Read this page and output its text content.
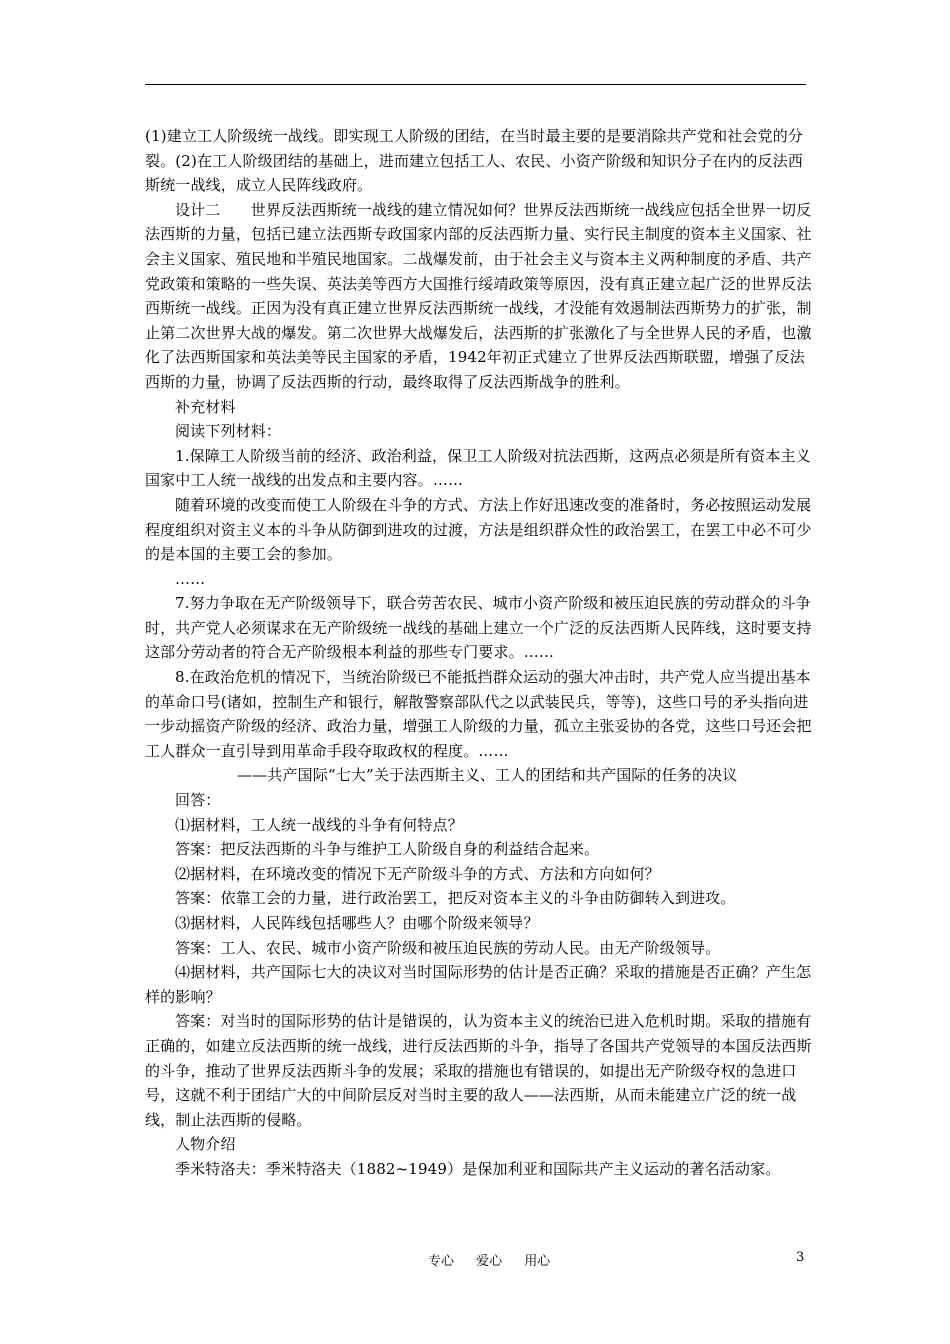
(1)建立工人阶级统一战线。即实现工人阶级的团结，在当时最主要的是要消除共产党和社会党的分裂。(2)在工人阶级团结的基础上，进而建立包括工人、农民、小资产阶级和知识分子在内的反法西斯统一战线，成立人民阵线政府。

设计二　　世界反法西斯统一战线的建立情况如何？世界反法西斯统一战线应包括全世界一切反法西斯的力量，包括已建立法西斯专政国家内部的反法西斯力量、实行民主制度的资本主义国家、社会主义国家、殖民地和半殖民地国家。二战爆发前，由于社会主义与资本主义两种制度的矛盾、共产党政策和策略的一些失误、英法美等西方大国推行绥靖政策等原因，没有真正建立起广泛的世界反法西斯统一战线。正因为没有真正建立世界反法西斯统一战线，才没能有效遏制法西斯势力的扩张，制止第二次世界大战的爆发。第二次世界大战爆发后，法西斯的扩张激化了与全世界人民的矛盾，也激化了法西斯国家和英法美等民主国家的矛盾，1942年初正式建立了世界反法西斯联盟，增强了反法西斯的力量，协调了反法西斯的行动，最终取得了反法西斯战争的胜利。

补充材料

阅读下列材料：

1.保障工人阶级当前的经济、政治利益，保卫工人阶级对抗法西斯，这两点必须是所有资本主义国家中工人统一战线的出发点和主要内容。……

随着环境的改变而使工人阶级在斗争的方式、方法上作好迅速改变的准备时，务必按照运动发展程度组织对资主义本的斗争从防御到进攻的过渡，方法是组织群众性的政治罢工，在罢工中必不可少的是本国的主要工会的参加。

……

7.努力争取在无产阶级领导下，联合劳苦农民、城市小资产阶级和被压迫民族的劳动群众的斗争时，共产党人必须谋求在无产阶级统一战线的基础上建立一个广泛的反法西斯人民阵线，这时要支持这部分劳动者的符合无产阶级根本利益的那些专门要求。……

8.在政治危机的情况下，当统治阶级已不能抵挡群众运动的强大冲击时，共产党人应当提出基本的革命口号(诸如，控制生产和银行，解散警察部队代之以武装民兵，等等)，这些口号的矛头指向进一步动摇资产阶级的经济、政治力量，增强工人阶级的力量，孤立主张妥协的各党，这些口号还会把工人群众一直引导到用革命手段夺取政权的程度。……

——共产国际“七大”关于法西斯主义、工人的团结和共产国际的任务的决议

回答：

⑴据材料，工人统一战线的斗争有何特点？

答案：把反法西斯的斗争与维护工人阶级自身的利益结合起来。

⑵据材料，在环境改变的情况下无产阶级斗争的方式、方法和方向如何？

答案：依靠工会的力量，进行政治罢工，把反对资本主义的斗争由防御转入到进攻。

⑶据材料，人民阵线包括哪些人？由哪个阶级来领导？

答案：工人、农民、城市小资产阶级和被压迫民族的劳动人民。由无产阶级领导。

⑷据材料，共产国际七大的决议对当时国际形势的估计是否正确？采取的措施是否正确？产生怎样的影响？

答案：对当时的国际形势的估计是错误的，认为资本主义的统治已进入危机时期。采取的措施有正确的，如建立反法西斯的统一战线，进行反法西斯的斗争，指导了各国共产党领导的本国反法西斯的斗争，推动了世界反法西斯斗争的发展；采取的措施也有错误的，如提出无产阶级夺权的急进口号，这就不利于团结广大的中间阶层反对当时主要的敌人——法西斯，从而未能建立广泛的统一战线，制止法西斯的侵略。

人物介绍

季米特洛夫：季米特洛夫（1882~1949）是保加利亚和国际共产主义运动的著名活动家。

专心 爱心 用心	3
